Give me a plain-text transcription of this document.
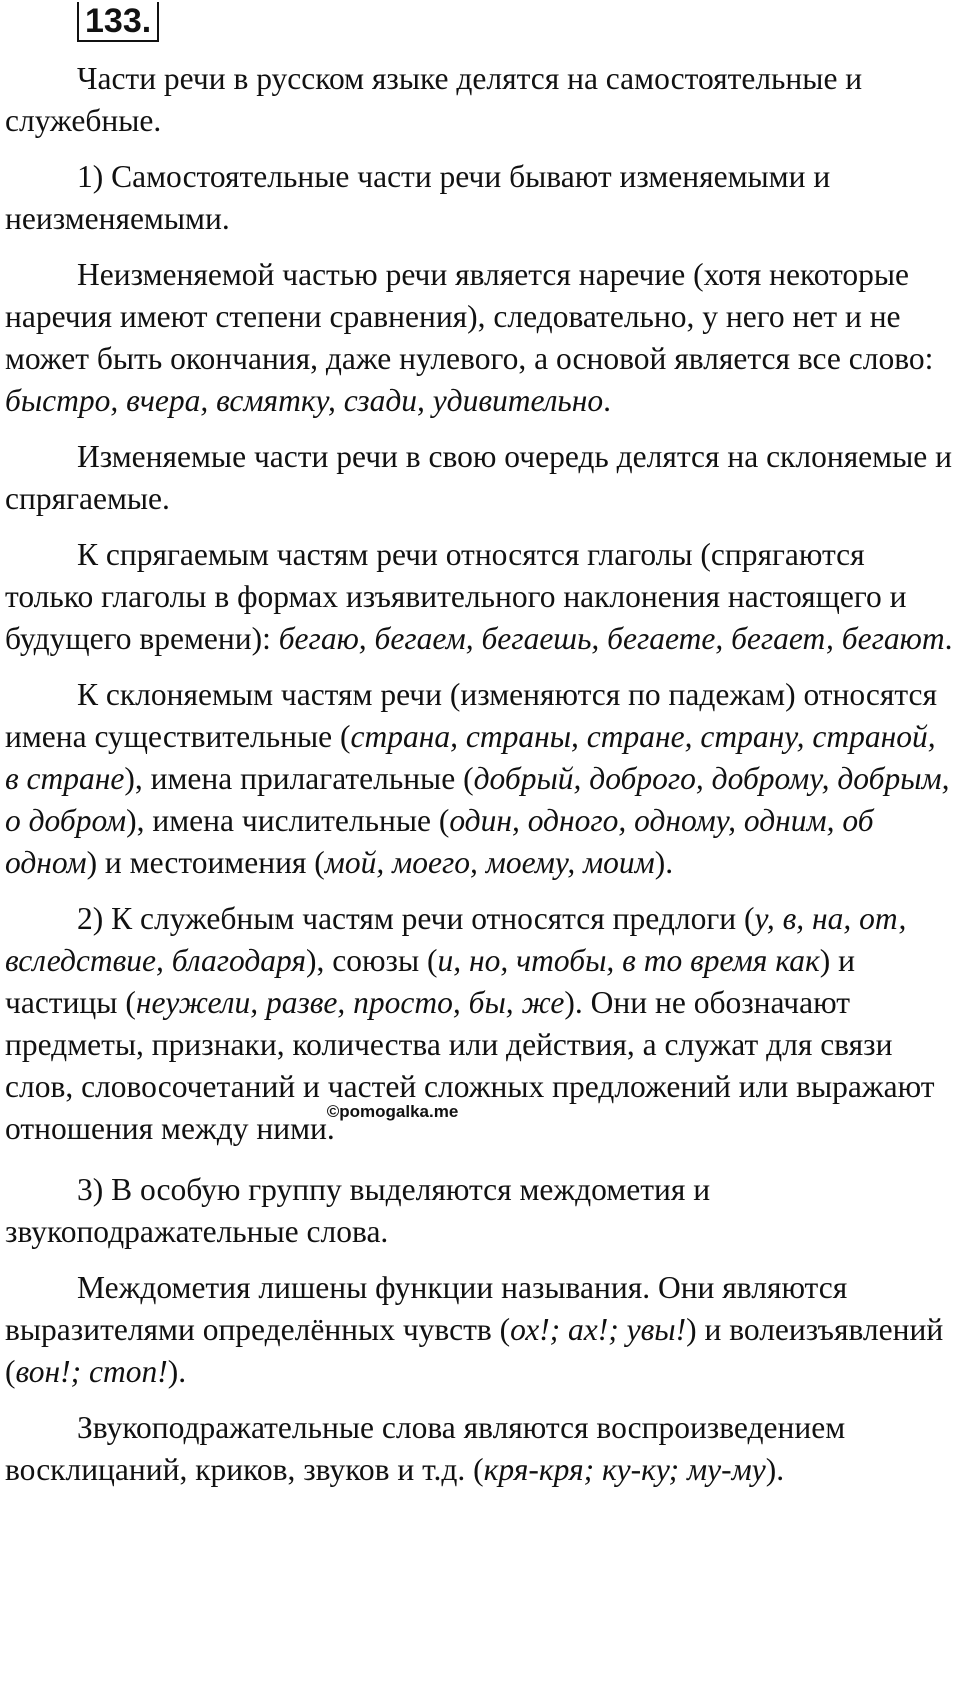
133.

Части речи в русском языке делятся на самостоятельные и служебные.

1) Самостоятельные части речи бывают изменяемыми и неизменяемыми.

Неизменяемой частью речи является наречие (хотя некоторые наречия имеют степени сравнения), следовательно, у него нет и не может быть окончания, даже нулевого, а основой является все слово: быстро, вчера, всмятку, сзади, удивительно.

Изменяемые части речи в свою очередь делятся на склоняемые и спрягаемые.

К спрягаемым частям речи относятся глаголы (спрягаются только глаголы в формах изъявительного наклонения настоящего и будущего времени): бегаю, бегаем, бегаешь, бегаете, бегает, бегают.

К склоняемым частям речи (изменяются по падежам) относятся имена существительные (страна, страны, стране, страну, страной, в стране), имена прилагательные (добрый, доброго, доброму, добрым, о добром), имена числительные (один, одного, одному, одним, об одном) и местоимения (мой, моего, моему, моим).

2) К служебным частям речи относятся предлоги (у, в, на, от, вследствие, благодаря), союзы (и, но, чтобы, в то время как) и частицы (неужели, разве, просто, бы, же). Они не обозначают предметы, признаки, количества или действия, а служат для связи слов, словосочетаний и частей сложных предложений или выражают отношения между ними.$^{©pomogalka.me}$

3) В особую группу выделяются междометия и звукоподражательные слова.

Междометия лишены функции называния. Они являются выразителями определённых чувств (ох!; ах!; увы!) и волеизъявлений (вон!; стоп!).

Звукоподражательные слова являются воспроизведением восклицаний, криков, звуков и т.д. (кря-кря; ку-ку; му-му).
